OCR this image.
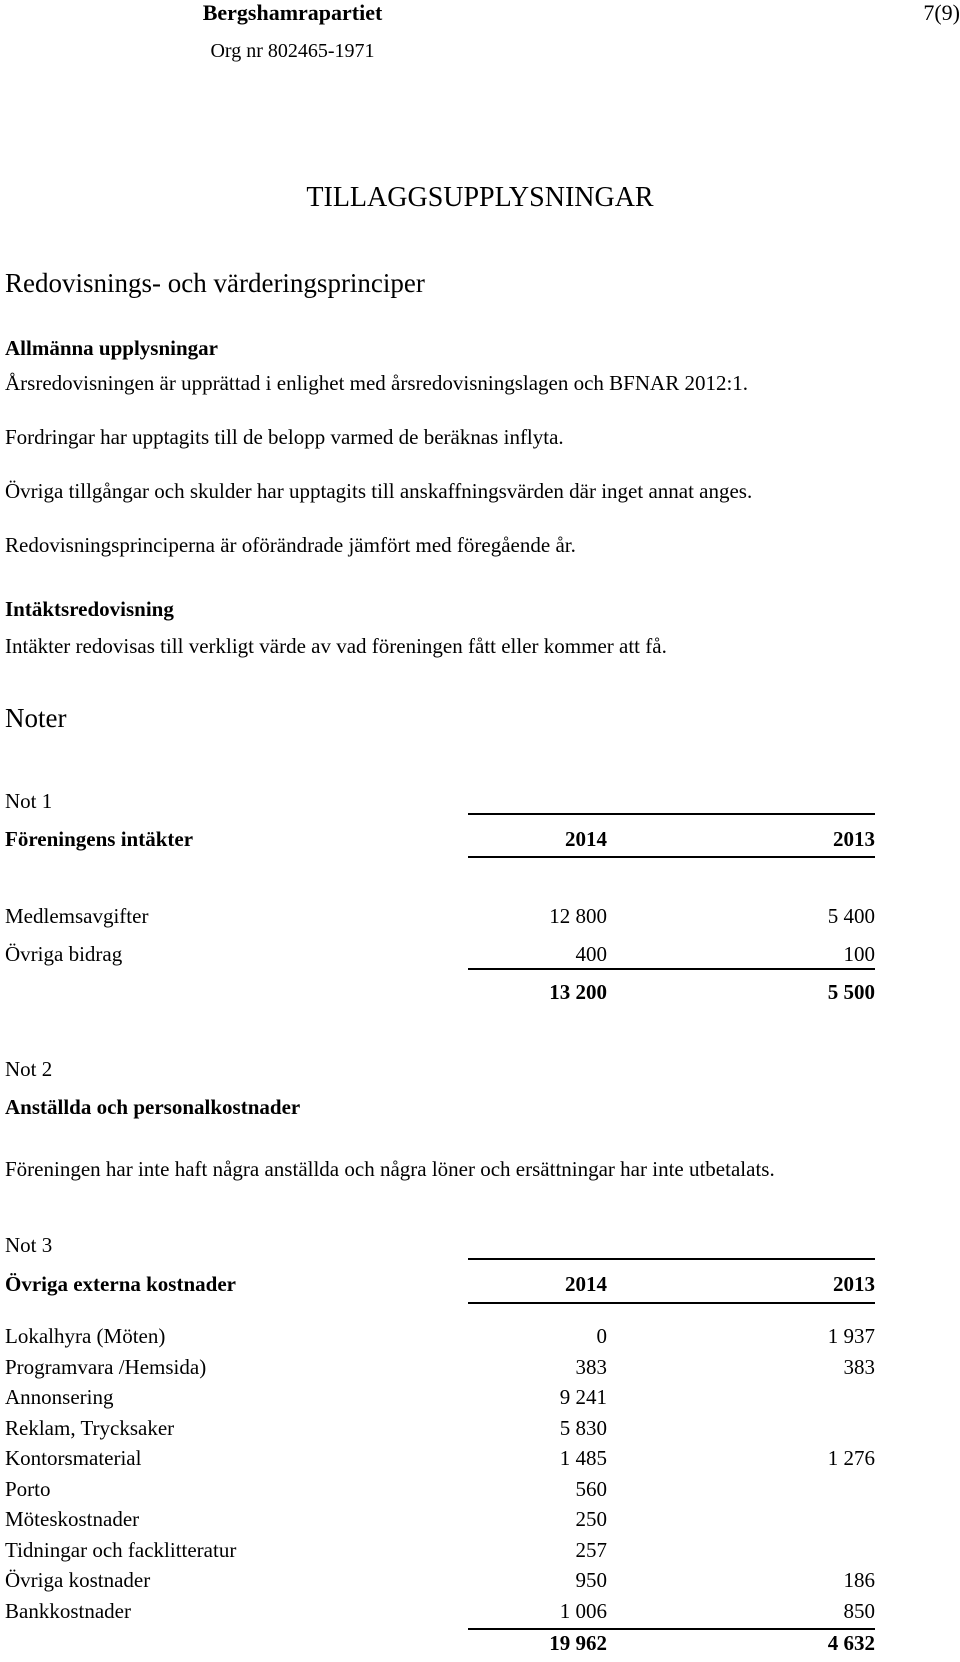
Bergshamrapartiet	7(9)
Org nr 802465-1971
TILLAGGSUPPLYSNINGAR
Redovisnings- och värderingsprinciper
Allmänna upplysningar
Årsredovisningen är upprättad i enlighet med årsredovisningslagen och BFNAR 2012:1.
Fordringar har upptagits till de belopp varmed de beräknas inflyta.
Övriga tillgångar och skulder har upptagits till anskaffningsvärden där inget annat anges.
Redovisningsprinciperna är oförändrade jämfört med föregående år.
Intäktsredovisning
Intäkter redovisas till verkligt värde av vad föreningen fått eller kommer att få.
Noter
Not 1
Föreningens intäkter	2014	2013
Medlemsavgifter	12 800	5 400
Övriga bidrag	400	100
13 200	5 500
Not 2
Anställda och personalkostnader
Föreningen har inte haft några anställda och några löner och ersättningar har inte utbetalats.
Not 3
Övriga externa kostnader	2014	2013
Lokalhyra (Möten)	0	1 937
Programvara /Hemsida)	383	383
Annonsering	9 241
Reklam, Trycksaker	5 830
Kontorsmaterial	1 485	1 276
Porto	560
Möteskostnader	250
Tidningar och facklitteratur	257
Övriga kostnader	950	186
Bankkostnader	1 006	850
19 962	4 632
